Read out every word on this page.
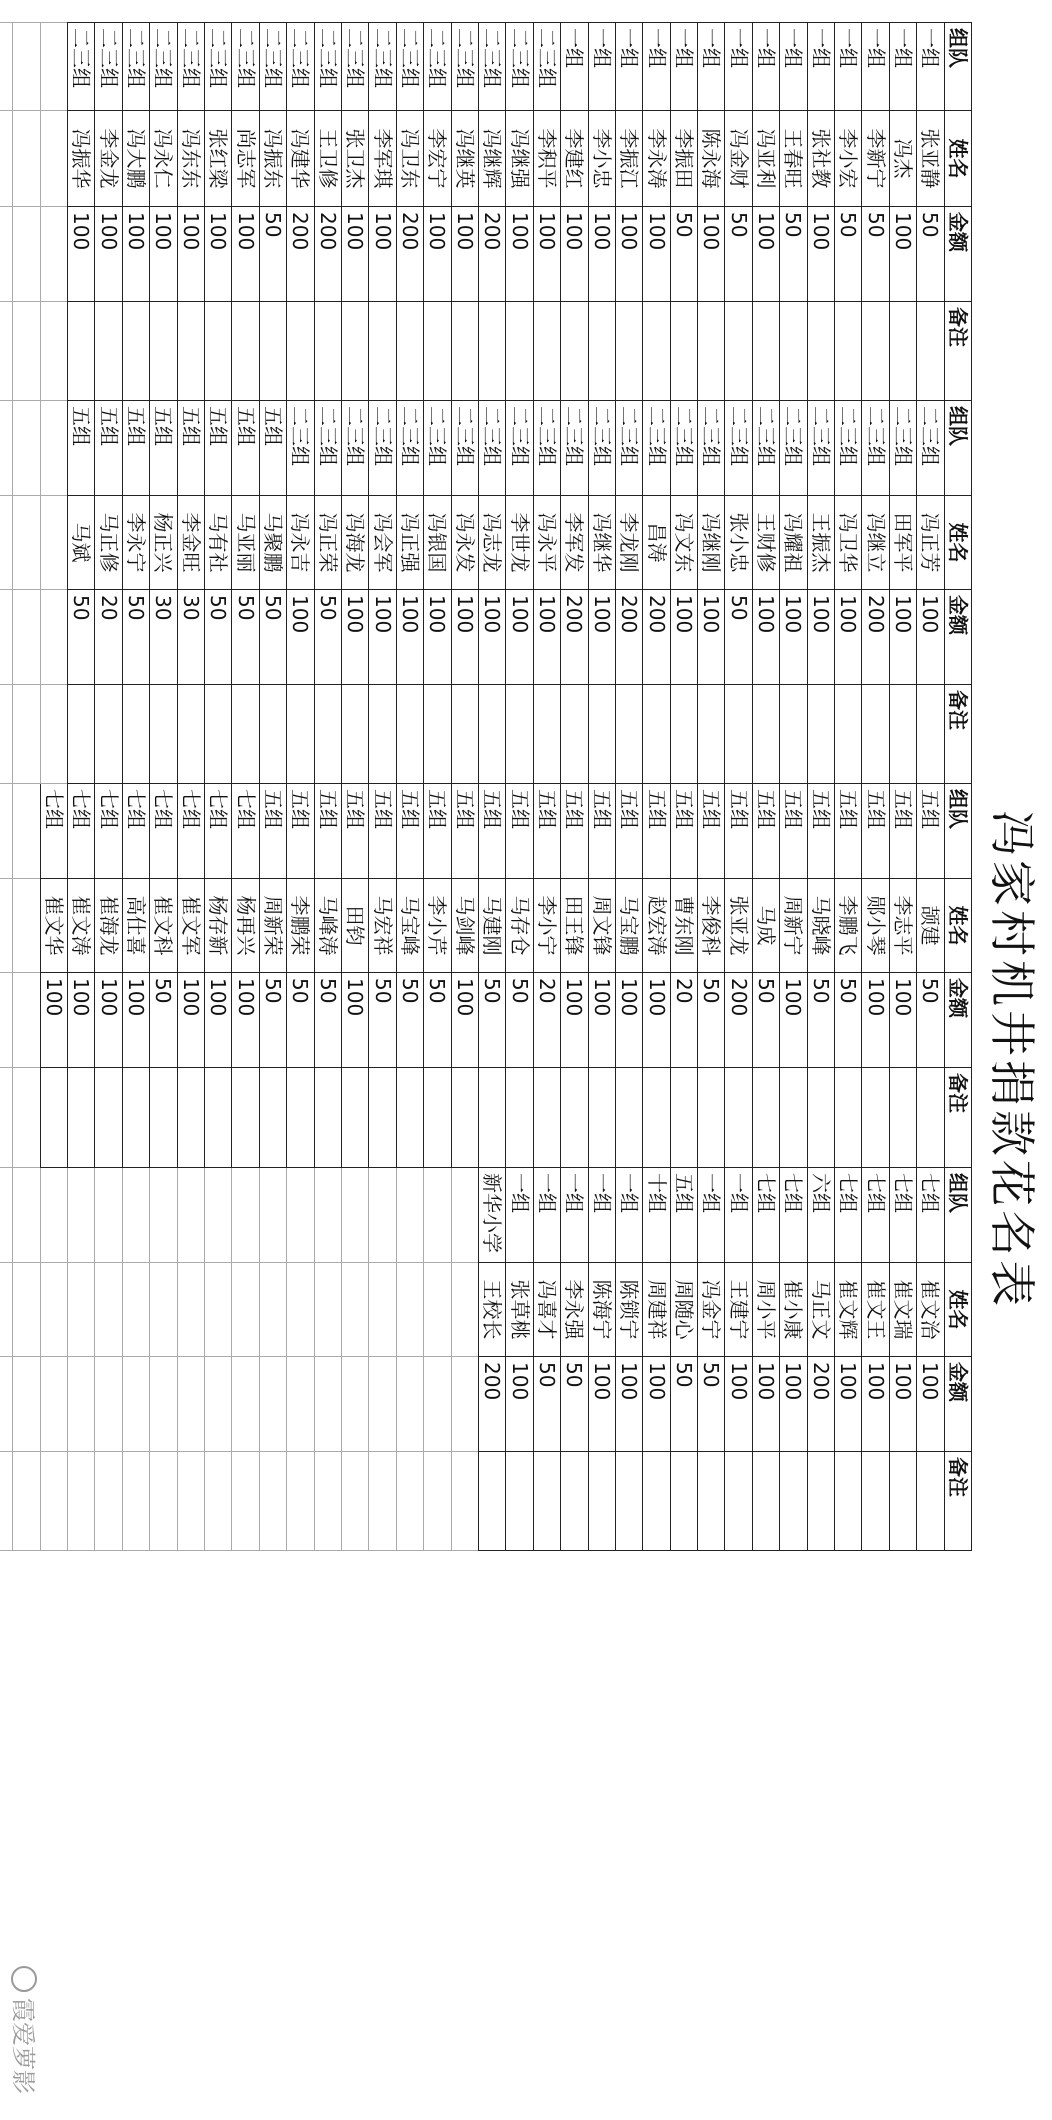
冯家村机井捐款花名表
组队	姓名	金额	备注	组队	姓名	金额	备注	组队	姓名	金额	备注	组队	姓名	金额	备注
一组	张亚静	50		二三组	冯正芳	100		五组	颉建	50		七组	崔文治	100	
一组	冯杰	100		二三组	田军平	100		五组	李志平	100		七组	崔文瑞	100	
一组	李新宁	50		二三组	冯继立	200		五组	郧小琴	100		七组	崔文王	100	
一组	李小宏	50		二三组	冯卫华	100		五组	李鹏飞	50		七组	崔文辉	100	
一组	张社教	100		二三组	王振杰	100		五组	马晓峰	50		六组	马正文	200	
一组	王春旺	50		二三组	冯耀祖	100		五组	周新宁	100		七组	崔小康	100	
一组	冯亚利	100		二三组	王财修	100		五组	马成	50		七组	周小平	100	
一组	冯金财	50		二三组	张小忠	50		五组	张亚龙	200		一组	王建宁	100	
一组	陈永海	100		二三组	冯继刚	100		五组	李俊科	50		一组	冯金宁	50	
一组	李振田	50		二三组	冯文东	100		五组	曹东刚	20		五组	周随心	50	
一组	李永涛	100		二三组	昌涛	200		五组	赵宏涛	100		十组	周建祥	100	
一组	李振江	100		二三组	李龙刚	200		五组	马宝鹏	100		一组	陈锁宁	100	
一组	李小忠	100		二三组	冯继华	100		五组	周文锋	100		一组	陈海宁	100	
一组	李建红	100		二三组	李军发	200		五组	田王锋	100		一组	李永强	50	
二三组	李积平	100		二三组	冯永平	100		五组	李小宁	20		一组	冯喜才	50	
二三组	冯继强	100		二三组	李世龙	100		五组	马存仓	50		一组	张草桃	100	
二三组	冯继辉	200		二三组	冯志龙	100		五组	马建刚	50		新华小学	王校长	200	
二三组	冯继英	100		二三组	冯永发	100		五组	马剑峰	100					
二三组	李宏宁	100		二三组	冯银国	100		五组	李小芹	50					
二三组	冯卫东	200		二三组	冯正强	100		五组	马宝峰	50					
二三组	李军琪	100		二三组	冯会军	100		五组	马宏祥	50					
二三组	张卫杰	100		二三组	冯海龙	100		五组	田钧	100					
二三组	王卫修	200		二三组	冯正荣	50		五组	马峰涛	50					
二三组	冯建华	200		二三组	冯永吉	100		五组	李鹏荣	50					
二三组	冯振东	50		五组	马聚鹏	50		五组	周新荣	50					
二三组	尚志军	100		五组	马亚丽	50		七组	杨再兴	100					
二三组	张红梁	100		五组	马有社	50		七组	杨存新	100					
二三组	冯东东	100		五组	李金旺	30		七组	崔文军	100					
二三组	冯永仁	100		五组	杨正兴	30		七组	崔文科	50					
二三组	冯大鹏	100		五组	李永宁	50		七组	高仕喜	100					
二三组	李金龙	100		五组	马正修	20		七组	崔海龙	100					
二三组	冯振华	100		五组	马斌	50		七组	崔文涛	100					
								七组	崔文华	100					

霞爱萝影
